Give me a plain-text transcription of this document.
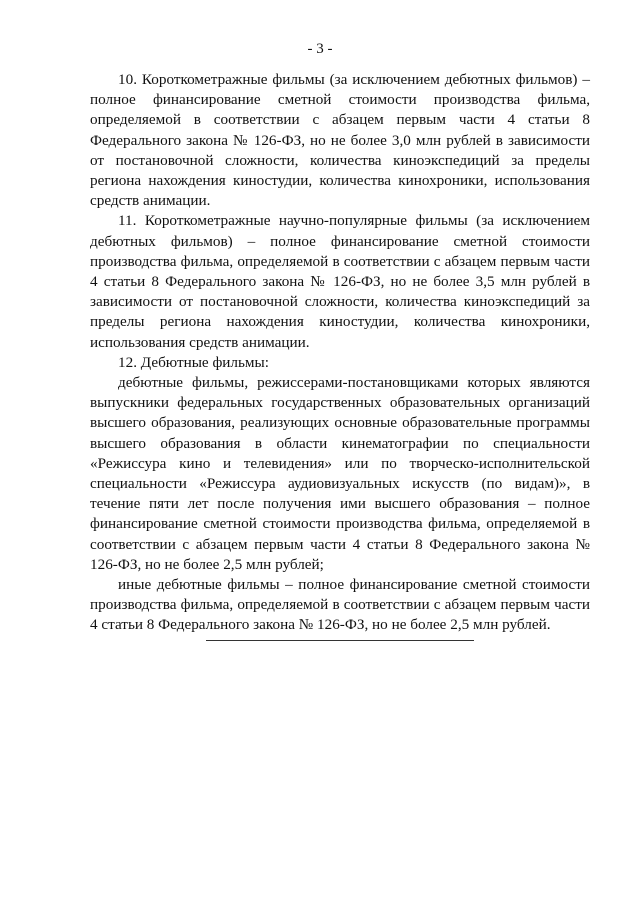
- 3 -

10. Короткометражные фильмы (за исключением дебютных фильмов) – полное финансирование сметной стоимости производства фильма, определяемой в соответствии с абзацем первым части 4 статьи 8 Федерального закона № 126-ФЗ, но не более 3,0 млн рублей в зависимости от постановочной сложности, количества киноэкспедиций за пределы региона нахождения киностудии, количества кинохроники, использования средств анимации.

11. Короткометражные научно-популярные фильмы (за исключением дебютных фильмов) – полное финансирование сметной стоимости производства фильма, определяемой в соответствии с абзацем первым части 4 статьи 8 Федерального закона № 126-ФЗ, но не более 3,5 млн рублей в зависимости от постановочной сложности, количества киноэкспедиций за пределы региона нахождения киностудии, количества кинохроники, использования средств анимации.

12. Дебютные фильмы:

дебютные фильмы, режиссерами-постановщиками которых являются выпускники федеральных государственных образовательных организаций высшего образования, реализующих основные образовательные программы высшего образования в области кинематографии по специальности «Режиссура кино и телевидения» или по творческо-исполнительской специальности «Режиссура аудиовизуальных искусств (по видам)», в течение пяти лет после получения ими высшего образования – полное финансирование сметной стоимости производства фильма, определяемой в соответствии с абзацем первым части 4 статьи 8 Федерального закона № 126-ФЗ, но не более 2,5 млн рублей;

иные дебютные фильмы – полное финансирование сметной стоимости производства фильма, определяемой в соответствии с абзацем первым части 4 статьи 8 Федерального закона № 126-ФЗ, но не более 2,5 млн рублей.
